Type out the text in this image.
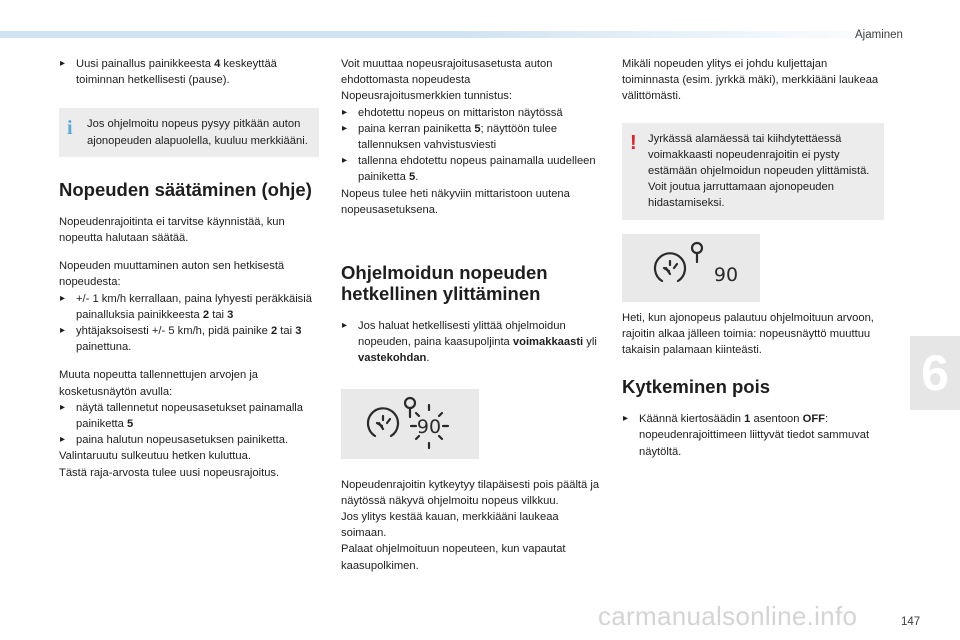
Ajaminen
6

▸ Uusi painallus painikkeesta 4 keskeyttää toiminnan hetkellisesti (pause).

i Jos ohjelmoitu nopeus pysyy pitkään auton ajonopeuden alapuolella, kuuluu merkkiääni.
Nopeuden säätäminen (ohje)

Nopeudenrajoitinta ei tarvitse käynnistää, kun nopeutta halutaan säätää.

Nopeuden muuttaminen auton sen hetkisestä nopeudesta:
▸ +/- 1 km/h kerrallaan, paina lyhyesti peräkkäisiä painalluksia painikkeesta 2 tai 3
▸ yhtäjaksoisesti +/- 5 km/h, pidä painike 2 tai 3 painettuna.

Muuta nopeutta tallennettujen arvojen ja kosketusnäytön avulla:
▸ näytä tallennetut nopeusasetukset painamalla painiketta 5
▸ paina halutun nopeusasetuksen painiketta.
Valintaruutu sulkeutuu hetken kuluttua.
Tästä raja-arvosta tulee uusi nopeusrajoitus.

Voit muuttaa nopeusrajoitusasetusta auton ehdottomasta nopeudesta
Nopeusrajoitusmerkkien tunnistus:
▸ ehdotettu nopeus on mittariston näytössä
▸ paina kerran painiketta 5; näyttöön tulee tallennuksen vahvistusviesti
▸ tallenna ehdotettu nopeus painamalla uudelleen painiketta 5.
Nopeus tulee heti näkyviin mittaristoon uutena nopeusasetuksena.

Ohjelmoidun nopeuden hetkellinen ylittäminen

▸ Jos haluat hetkellisesti ylittää ohjelmoidun nopeuden, paina kaasupoljinta voimakkaasti yli vastekohdan.

90

Nopeudenrajoitin kytkeytyy tilapäisesti pois päältä ja näytössä näkyvä ohjelmoitu nopeus vilkkuu.
Jos ylitys kestää kauan, merkkiääni laukeaa soimaan.
Palaat ohjelmoituun nopeuteen, kun vapautat kaasupolkimen.

Mikäli nopeuden ylitys ei johdu kuljettajan toiminnasta (esim. jyrkkä mäki), merkkiääni laukeaa välittömästi.

! Jyrkässä alamäessä tai kiihdytettäessä voimakkaasti nopeudenrajoitin ei pysty estämään ohjelmoidun nopeuden ylittämistä.
Voit joutua jarruttamaan ajonopeuden hidastamiseksi.
90

Heti, kun ajonopeus palautuu ohjelmoituun arvoon, rajoitin alkaa jälleen toimia: nopeusnäyttö muuttuu takaisin palamaan kiinteästi.

Kytkeminen pois

▸ Käännä kiertosäädin 1 asentoon OFF: nopeudenrajoittimeen liittyvät tiedot sammuvat näytöltä.

carmanualsonline.info	147
